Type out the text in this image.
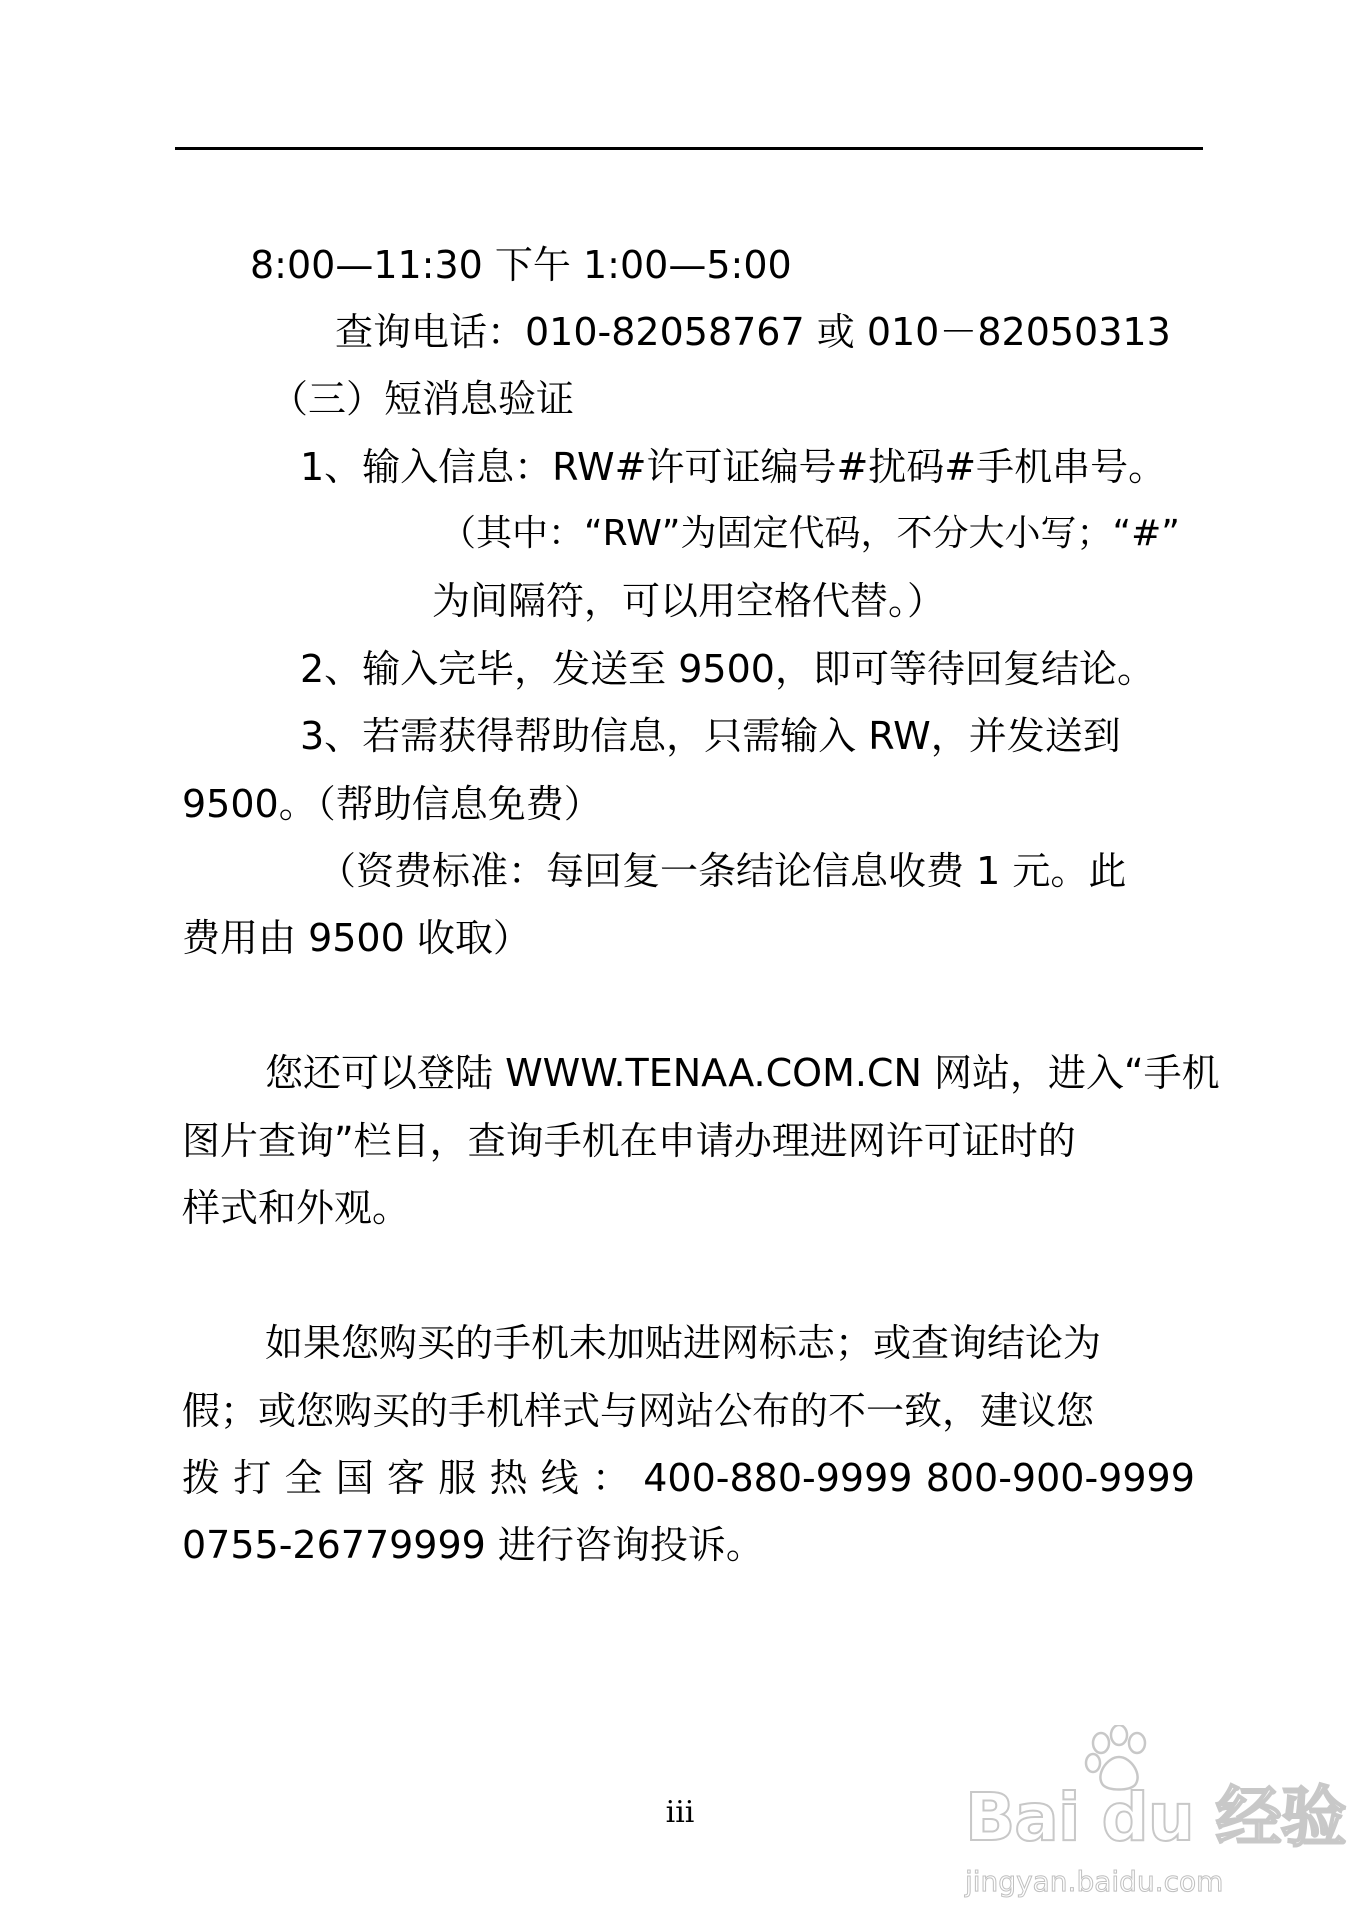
8:00—11:30 下午 1:00—5:00
查询电话：010-82058767 或 010－82050313
（三）短消息验证
1、输入信息：RW#许可证编号#扰码#手机串号。
（其中：“RW”为固定代码，不分大小写；“#”
为间隔符，可以用空格代替。）
2、输入完毕，发送至 9500，即可等待回复结论。
3、若需获得帮助信息，只需输入 RW，并发送到
9500。（帮助信息免费）
（资费标准：每回复一条结论信息收费 1 元。此
费用由 9500 收取）
您还可以登陆 WWW.TENAA.COM.CN 网站，进入“手机
图片查询”栏目，查询手机在申请办理进网许可证时的
样式和外观。
如果您购买的手机未加贴进网标志；或查询结论为
假；或您购买的手机样式与网站公布的不一致，建议您
拨 打 全 国 客 服 热 线 ： 400-880-9999 800-900-9999
0755-26779999 进行咨询投诉。
iii	Bai du 经验
jingyan.baidu.com
